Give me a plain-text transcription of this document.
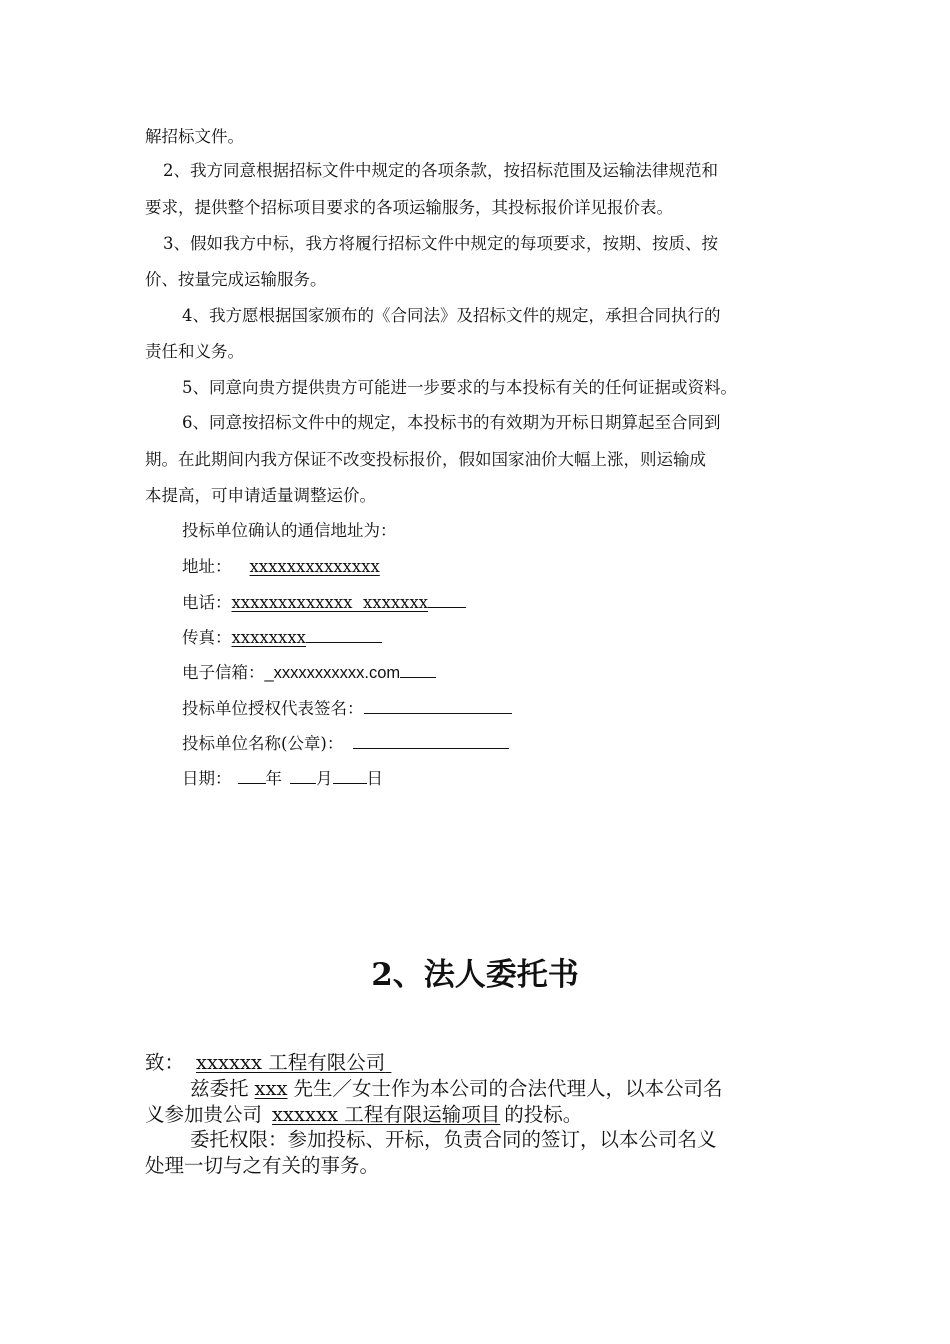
解招标文件。
2、我方同意根据招标文件中规定的各项条款，按招标范围及运输法律规范和
要求，提供整个招标项目要求的各项运输服务，其投标报价详见报价表。
3、假如我方中标，我方将履行招标文件中规定的每项要求，按期、按质、按
价、按量完成运输服务。
4、我方愿根据国家颁布的《合同法》及招标文件的规定，承担合同执行的
责任和义务。
5、同意向贵方提供贵方可能进一步要求的与本投标有关的任何证据或资料。
6、同意按招标文件中的规定，本投标书的有效期为开标日期算起至合同到
期。在此期间内我方保证不改变投标报价，假如国家油价大幅上涨，则运输成
本提高，可申请适量调整运价。
投标单位确认的通信地址为：
地址： xxxxxxxxxxxxxx
电话：xxxxxxxxxxxxx  xxxxxxx
传真：xxxxxxxx
电子信箱：_xxxxxxxxxxx.com
投标单位授权代表签名：
投标单位名称(公章)：
日期： 年 月 日
2、法人委托书
致： xxxxxx 工程有限公司
兹委托 xxx 先生／女士作为本公司的合法代理人，以本公司名
义参加贵公司 xxxxxx 工程有限运输项目 的投标。
委托权限：参加投标、开标，负责合同的签订，以本公司名义
处理一切与之有关的事务。
